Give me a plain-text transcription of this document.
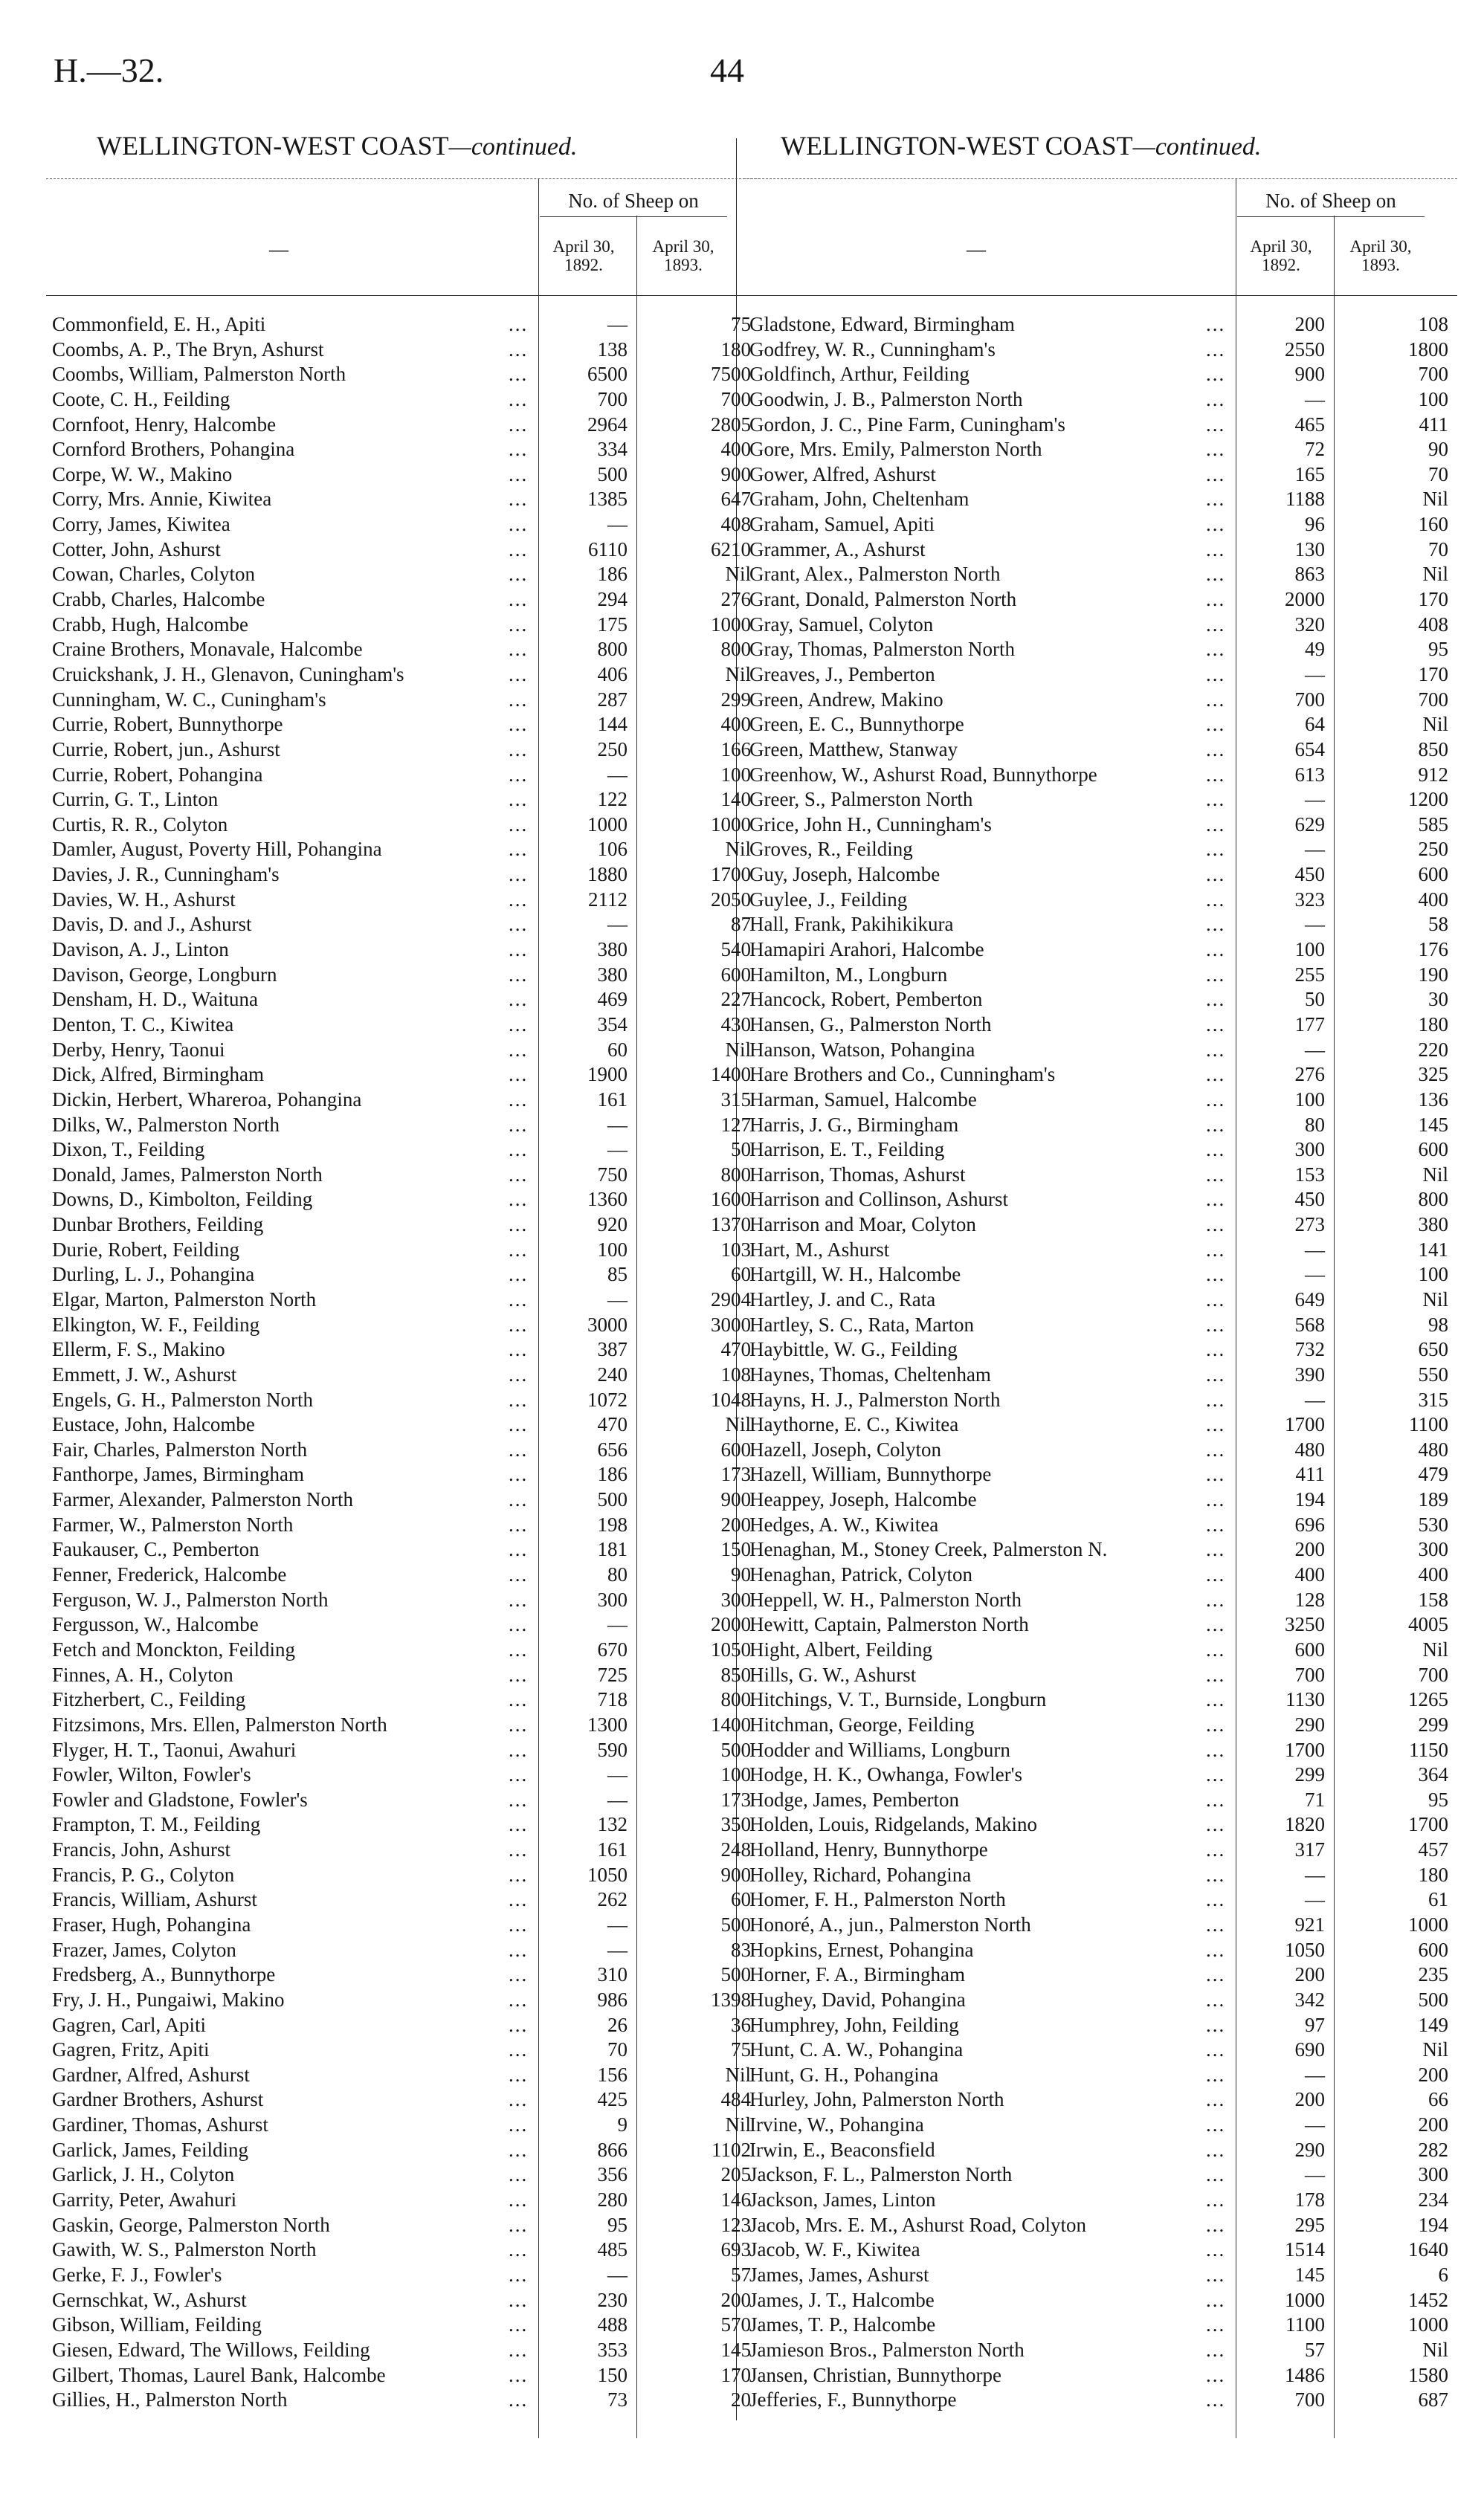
H.—32.	44
WELLINGTON-WEST COAST—continued.	WELLINGTON-WEST COAST—continued.
—
No. of Sheep on
April 30,
1892.
April 30,
1893.
Commonfield, E. H., Apiti	...	—	75
Coombs, A. P., The Bryn, Ashurst	...	138	180
Coombs, William, Palmerston North	...	6500	7500
Coote, C. H., Feilding	...	700	700
Cornfoot, Henry, Halcombe	...	2964	2805
Cornford Brothers, Pohangina	...	334	400
Corpe, W. W., Makino	...	500	900
Corry, Mrs. Annie, Kiwitea	...	1385	647
Corry, James, Kiwitea	...	—	408
Cotter, John, Ashurst	...	6110	6210
Cowan, Charles, Colyton	...	186	Nil
Crabb, Charles, Halcombe	...	294	276
Crabb, Hugh, Halcombe	...	175	1000
Craine Brothers, Monavale, Halcombe	...	800	800
Cruickshank, J. H., Glenavon, Cuningham's	...	406	Nil
Cunningham, W. C., Cuningham's	...	287	299
Currie, Robert, Bunnythorpe	...	144	400
Currie, Robert, jun., Ashurst	...	250	166
Currie, Robert, Pohangina	...	—	100
Currin, G. T., Linton	...	122	140
Curtis, R. R., Colyton	...	1000	1000
Damler, August, Poverty Hill, Pohangina	...	106	Nil
Davies, J. R., Cunningham's	...	1880	1700
Davies, W. H., Ashurst	...	2112	2050
Davis, D. and J., Ashurst	...	—	87
Davison, A. J., Linton	...	380	540
Davison, George, Longburn	...	380	600
Densham, H. D., Waituna	...	469	227
Denton, T. C., Kiwitea	...	354	430
Derby, Henry, Taonui	...	60	Nil
Dick, Alfred, Birmingham	...	1900	1400
Dickin, Herbert, Whareroa, Pohangina	...	161	315
Dilks, W., Palmerston North	...	—	127
Dixon, T., Feilding	...	—	50
Donald, James, Palmerston North	...	750	800
Downs, D., Kimbolton, Feilding	...	1360	1600
Dunbar Brothers, Feilding	...	920	1370
Durie, Robert, Feilding	...	100	103
Durling, L. J., Pohangina	...	85	60
Elgar, Marton, Palmerston North	...	—	2904
Elkington, W. F., Feilding	...	3000	3000
Ellerm, F. S., Makino	...	387	470
Emmett, J. W., Ashurst	...	240	108
Engels, G. H., Palmerston North	...	1072	1048
Eustace, John, Halcombe	...	470	Nil
Fair, Charles, Palmerston North	...	656	600
Fanthorpe, James, Birmingham	...	186	173
Farmer, Alexander, Palmerston North	...	500	900
Farmer, W., Palmerston North	...	198	200
Faukauser, C., Pemberton	...	181	150
Fenner, Frederick, Halcombe	...	80	90
Ferguson, W. J., Palmerston North	...	300	300
Fergusson, W., Halcombe	...	—	2000
Fetch and Monckton, Feilding	...	670	1050
Finnes, A. H., Colyton	...	725	850
Fitzherbert, C., Feilding	...	718	800
Fitzsimons, Mrs. Ellen, Palmerston North	...	1300	1400
Flyger, H. T., Taonui, Awahuri	...	590	500
Fowler, Wilton, Fowler's	...	—	100
Fowler and Gladstone, Fowler's	...	—	173
Frampton, T. M., Feilding	...	132	350
Francis, John, Ashurst	...	161	248
Francis, P. G., Colyton	...	1050	900
Francis, William, Ashurst	...	262	60
Fraser, Hugh, Pohangina	...	—	500
Frazer, James, Colyton	...	—	83
Fredsberg, A., Bunnythorpe	...	310	500
Fry, J. H., Pungaiwi, Makino	...	986	1398
Gagren, Carl, Apiti	...	26	36
Gagren, Fritz, Apiti	...	70	75
Gardner, Alfred, Ashurst	...	156	Nil
Gardner Brothers, Ashurst	...	425	484
Gardiner, Thomas, Ashurst	...	9	Nil
Garlick, James, Feilding	...	866	1102
Garlick, J. H., Colyton	...	356	205
Garrity, Peter, Awahuri	...	280	146
Gaskin, George, Palmerston North	...	95	123
Gawith, W. S., Palmerston North	...	485	693
Gerke, F. J., Fowler's	...	—	57
Gernschkat, W., Ashurst	...	230	200
Gibson, William, Feilding	...	488	570
Giesen, Edward, The Willows, Feilding	...	353	145
Gilbert, Thomas, Laurel Bank, Halcombe	...	150	170
Gillies, H., Palmerston North	...	73	20
—
No. of Sheep on
April 30,
1892.
April 30,
1893.
Gladstone, Edward, Birmingham	...	200	108
Godfrey, W. R., Cunningham's	...	2550	1800
Goldfinch, Arthur, Feilding	...	900	700
Goodwin, J. B., Palmerston North	...	—	100
Gordon, J. C., Pine Farm, Cuningham's	...	465	411
Gore, Mrs. Emily, Palmerston North	...	72	90
Gower, Alfred, Ashurst	...	165	70
Graham, John, Cheltenham	...	1188	Nil
Graham, Samuel, Apiti	...	96	160
Grammer, A., Ashurst	...	130	70
Grant, Alex., Palmerston North	...	863	Nil
Grant, Donald, Palmerston North	...	2000	170
Gray, Samuel, Colyton	...	320	408
Gray, Thomas, Palmerston North	...	49	95
Greaves, J., Pemberton	...	—	170
Green, Andrew, Makino	...	700	700
Green, E. C., Bunnythorpe	...	64	Nil
Green, Matthew, Stanway	...	654	850
Greenhow, W., Ashurst Road, Bunnythorpe	...	613	912
Greer, S., Palmerston North	...	—	1200
Grice, John H., Cunningham's	...	629	585
Groves, R., Feilding	...	—	250
Guy, Joseph, Halcombe	...	450	600
Guylee, J., Feilding	...	323	400
Hall, Frank, Pakihikikura	...	—	58
Hamapiri Arahori, Halcombe	...	100	176
Hamilton, M., Longburn	...	255	190
Hancock, Robert, Pemberton	...	50	30
Hansen, G., Palmerston North	...	177	180
Hanson, Watson, Pohangina	...	—	220
Hare Brothers and Co., Cunningham's	...	276	325
Harman, Samuel, Halcombe	...	100	136
Harris, J. G., Birmingham	...	80	145
Harrison, E. T., Feilding	...	300	600
Harrison, Thomas, Ashurst	...	153	Nil
Harrison and Collinson, Ashurst	...	450	800
Harrison and Moar, Colyton	...	273	380
Hart, M., Ashurst	...	—	141
Hartgill, W. H., Halcombe	...	—	100
Hartley, J. and C., Rata	...	649	Nil
Hartley, S. C., Rata, Marton	...	568	98
Haybittle, W. G., Feilding	...	732	650
Haynes, Thomas, Cheltenham	...	390	550
Hayns, H. J., Palmerston North	...	—	315
Haythorne, E. C., Kiwitea	...	1700	1100
Hazell, Joseph, Colyton	...	480	480
Hazell, William, Bunnythorpe	...	411	479
Heappey, Joseph, Halcombe	...	194	189
Hedges, A. W., Kiwitea	...	696	530
Henaghan, M., Stoney Creek, Palmerston N.	...	200	300
Henaghan, Patrick, Colyton	...	400	400
Heppell, W. H., Palmerston North	...	128	158
Hewitt, Captain, Palmerston North	...	3250	4005
Hight, Albert, Feilding	...	600	Nil
Hills, G. W., Ashurst	...	700	700
Hitchings, V. T., Burnside, Longburn	...	1130	1265
Hitchman, George, Feilding	...	290	299
Hodder and Williams, Longburn	...	1700	1150
Hodge, H. K., Owhanga, Fowler's	...	299	364
Hodge, James, Pemberton	...	71	95
Holden, Louis, Ridgelands, Makino	...	1820	1700
Holland, Henry, Bunnythorpe	...	317	457
Holley, Richard, Pohangina	...	—	180
Homer, F. H., Palmerston North	...	—	61
Honoré, A., jun., Palmerston North	...	921	1000
Hopkins, Ernest, Pohangina	...	1050	600
Horner, F. A., Birmingham	...	200	235
Hughey, David, Pohangina	...	342	500
Humphrey, John, Feilding	...	97	149
Hunt, C. A. W., Pohangina	...	690	Nil
Hunt, G. H., Pohangina	...	—	200
Hurley, John, Palmerston North	...	200	66
Irvine, W., Pohangina	...	—	200
Irwin, E., Beaconsfield	...	290	282
Jackson, F. L., Palmerston North	...	—	300
Jackson, James, Linton	...	178	234
Jacob, Mrs. E. M., Ashurst Road, Colyton	...	295	194
Jacob, W. F., Kiwitea	...	1514	1640
James, James, Ashurst	...	145	6
James, J. T., Halcombe	...	1000	1452
James, T. P., Halcombe	...	1100	1000
Jamieson Bros., Palmerston North	...	57	Nil
Jansen, Christian, Bunnythorpe	...	1486	1580
Jefferies, F., Bunnythorpe	...	700	687
